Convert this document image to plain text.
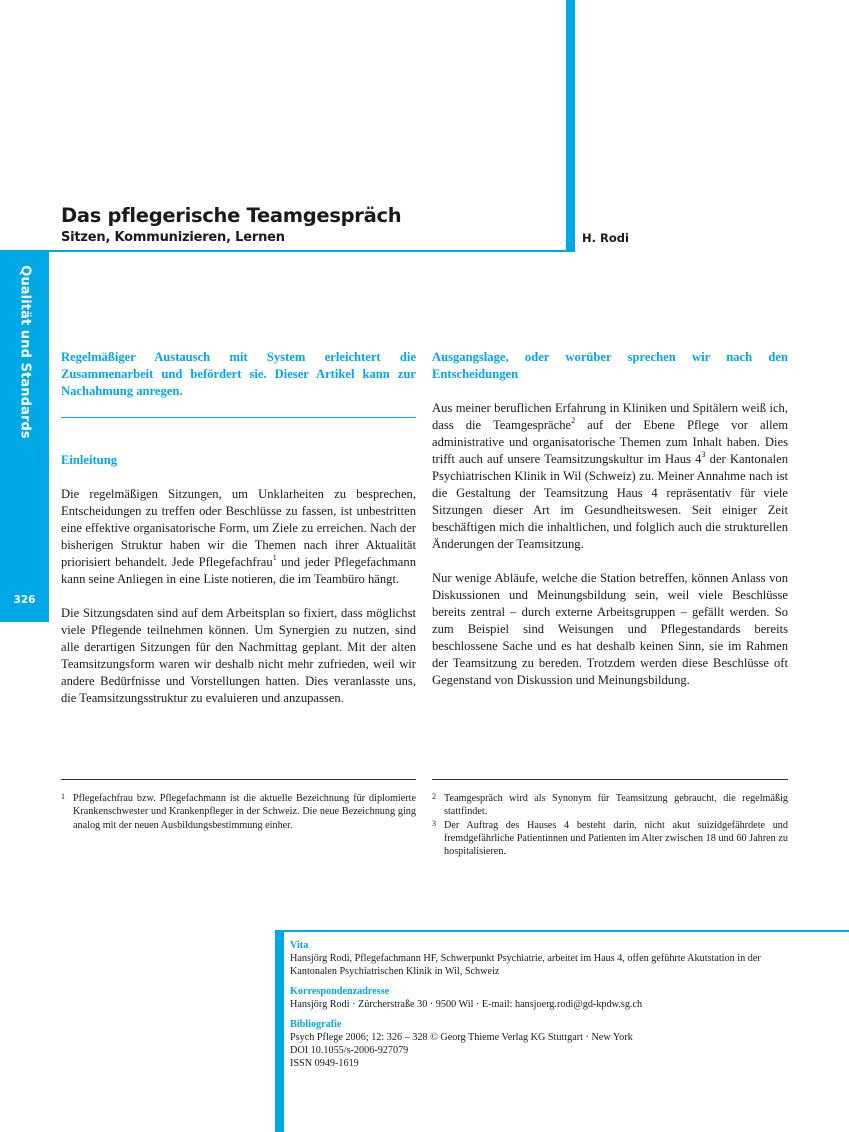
Das pflegerische Teamgespräch
Sitzen, Kommunizieren, Lernen	H. Rodi
Qualität und Standards
326

Regelmäßiger Austausch mit System erleichtert die Zusammenarbeit und befördert sie. Dieser Artikel kann zur Nachahmung anregen.

Einleitung

Die regelmäßigen Sitzungen, um Unklarheiten zu besprechen, Entscheidungen zu treffen oder Beschlüsse zu fassen, ist unbestritten eine effektive organisatorische Form, um Ziele zu erreichen. Nach der bisherigen Struktur haben wir die Themen nach ihrer Aktualität priorisiert behandelt. Jede Pflegefachfrau$^1$ und jeder Pflegefachmann kann seine Anliegen in eine Liste notieren, die im Teambüro hängt.

Die Sitzungsdaten sind auf dem Arbeitsplan so fixiert, dass möglichst viele Pflegende teilnehmen können. Um Synergien zu nutzen, sind alle derartigen Sitzungen für den Nachmittag geplant. Mit der alten Teamsitzungsform waren wir deshalb nicht mehr zufrieden, weil wir andere Bedürfnisse und Vorstellungen hatten. Dies veranlasste uns, die Teamsitzungsstruktur zu evaluieren und anzupassen.

Ausgangslage, oder worüber sprechen wir nach den Entscheidungen

Aus meiner beruflichen Erfahrung in Kliniken und Spitälern weiß ich, dass die Teamgespräche$^2$ auf der Ebene Pflege vor allem administrative und organisatorische Themen zum Inhalt haben. Dies trifft auch auf unsere Teamsitzungskultur im Haus $4^3$ der Kantonalen Psychiatrischen Klinik in Wil (Schweiz) zu. Meiner Annahme nach ist die Gestaltung der Teamsitzung Haus 4 repräsentativ für viele Sitzungen dieser Art im Gesundheitswesen. Seit einiger Zeit beschäftigen mich die inhaltlichen, und folglich auch die strukturellen Änderungen der Teamsitzung.

Nur wenige Abläufe, welche die Station betreffen, können Anlass von Diskussionen und Meinungsbildung sein, weil viele Beschlüsse bereits zentral – durch externe Arbeitsgruppen – gefällt werden. So zum Beispiel sind Weisungen und Pflegestandards bereits beschlossene Sache und es hat deshalb keinen Sinn, sie im Rahmen der Teamsitzung zu bereden. Trotzdem werden diese Beschlüsse oft Gegenstand von Diskussion und Meinungsbildung.

1 Pflegefachfrau bzw. Pflegefachmann ist die aktuelle Bezeichnung für diplomierte Krankenschwester und Krankenpfleger in der Schweiz. Die neue Bezeichnung ging analog mit der neuen Ausbildungsbestimmung einher.
2 Teamgespräch wird als Synonym für Teamsitzung gebraucht, die regelmäßig stattfindet.
3 Der Auftrag des Hauses 4 besteht darin, nicht akut suizidgefährdete und fremdgefährliche Patientinnen und Patienten im Alter zwischen 18 und 60 Jahren zu hospitalisieren.
Vita
Hansjörg Rodi, Pflegefachmann HF, Schwerpunkt Psychiatrie, arbeitet im Haus 4, offen geführte Akutstation in der Kantonalen Psychiatrischen Klinik in Wil, Schweiz
Korrespondenzadresse
Hansjörg Rodi · Zürcherstraße 30 · 9500 Wil · E-mail: hansjoerg.rodi@gd-kpdw.sg.ch
Bibliografie
Psych Pflege 2006; 12: 326 – 328 © Georg Thieme Verlag KG Stuttgart · New York
DOI 10.1055/s-2006-927079
ISSN 0949-1619
